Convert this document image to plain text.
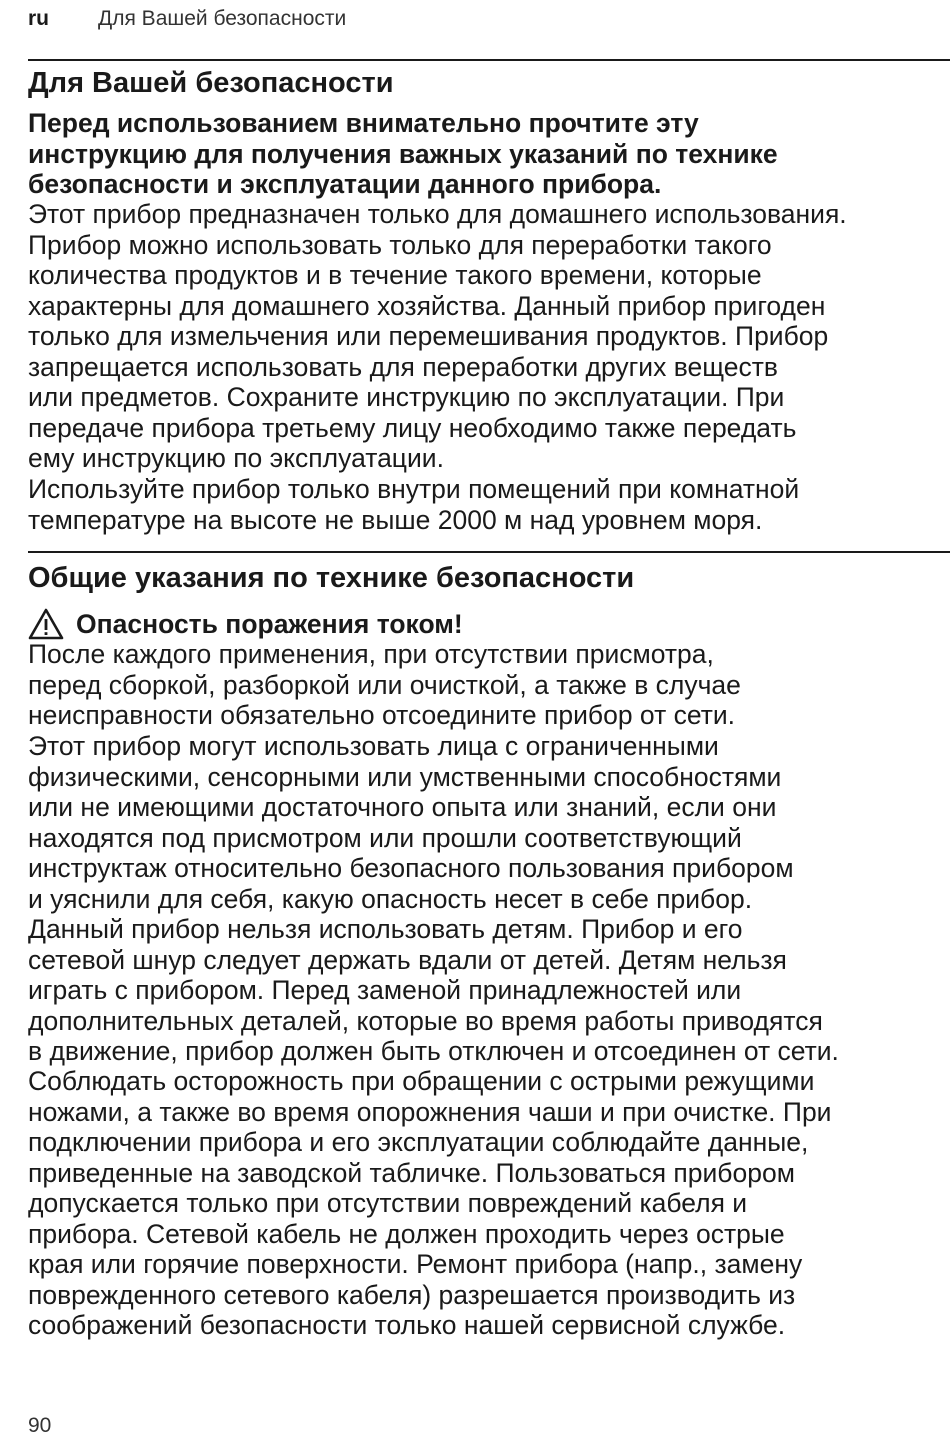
ru Для Вашей безопасности
Для Вашей безопасности

Перед использованием внимательно прочтите эту
инструкцию для получения важных указаний по технике
безопасности и эксплуатации данного прибора.

Этот прибор предназначен только для домашнего использования.
Прибор можно использовать только для переработки такого
количества продуктов и в течение такого времени, которые
характерны для домашнего хозяйства. Данный прибор пригоден
только для измельчения или перемешивания продуктов. Прибор
запрещается использовать для переработки других веществ
или предметов. Сохраните инструкцию по эксплуатации. При
передаче прибора третьему лицу необходимо также передать
ему инструкцию по эксплуатации.

Используйте прибор только внутри помещений при комнатной
температуре на высоте не выше 2000 м над уровнем моря.

Общие указания по технике безопасности
Опасность поражения током!

После каждого применения, при отсутствии присмотра,
перед сборкой, разборкой или очисткой, а также в случае
неисправности обязательно отсоедините прибор от сети.

Этот прибор могут использовать лица с ограниченными
физическими, сенсорными или умственными способностями
или не имеющими достаточного опыта или знаний, если они
находятся под присмотром или прошли соответствующий
инструктаж относительно безопасного пользования прибором
и уяснили для себя, какую опасность несет в себе прибор.

Данный прибор нельзя использовать детям. Прибор и его
сетевой шнур следует держать вдали от детей. Детям нельзя
играть с прибором. Перед заменой принадлежностей или
дополнительных деталей, которые во время работы приводятся
в движение, прибор должен быть отключен и отсоединен от сети.

Соблюдать осторожность при обращении с острыми режущими
ножами, а также во время опорожнения чаши и при очистке. При
подключении прибора и его эксплуатации соблюдайте данные,
приведенные на заводской табличке. Пользоваться прибором
допускается только при отсутствии повреждений кабеля и
прибора. Сетевой кабель не должен проходить через острые
края или горячие поверхности. Ремонт прибора (напр., замену
поврежденного сетевого кабеля) разрешается производить из
соображений безопасности только нашей сервисной службе.

90
